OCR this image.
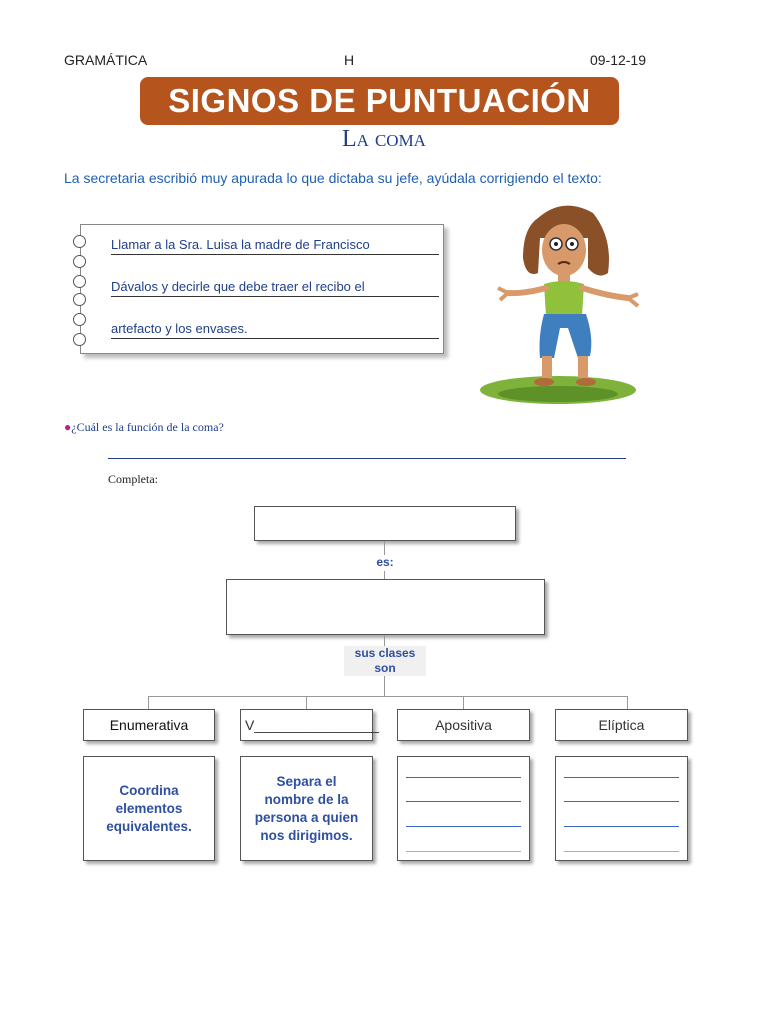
GRAMÁTICA	H	09-12-19
SIGNOS DE PUNTUACIÓN
La coma
La secretaria escribió muy apurada lo que dictaba su jefe, ayúdala corrigiendo el texto:
Llamar a la Sra. Luisa la madre de Francisco
Dávalos y decirle que debe traer el recibo el
artefacto y los envases.
●¿Cuál es la función de la coma?
Completa:
es:
sus clases
son
Enumerativa	V________________	Apositiva	Elíptica
Coordina
elementos
equivalentes.
Separa el
nombre de la
persona a quien
nos dirigimos.
